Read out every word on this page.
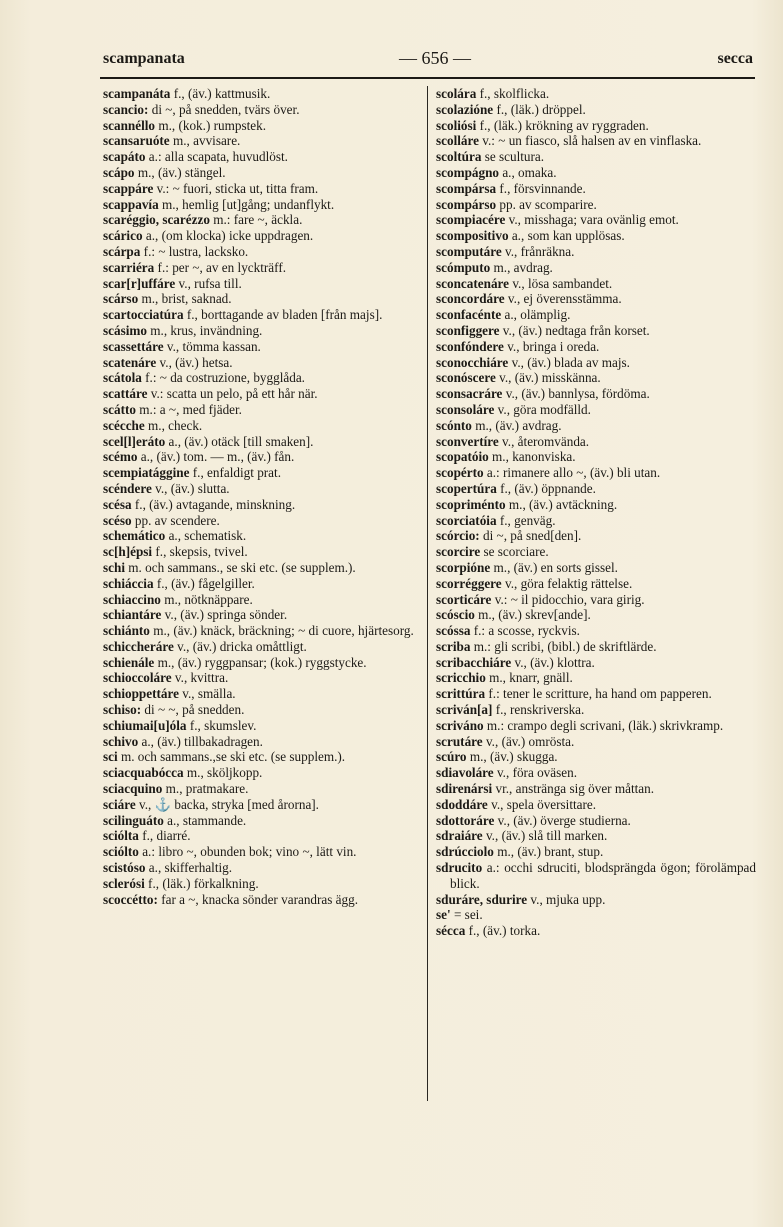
scampanata	— 656 —	secca

scampanáta f., (äv.) kattmusik.

scancio: di ~, på snedden, tvärs över.

scannéllo m., (kok.) rumpstek.

scansaruóte m., avvisare.

scapáto a.: alla scapata, huvudlöst.

scápo m., (äv.) stängel.

scappáre v.: ~ fuori, sticka ut, titta fram.

scappavía m., hemlig [ut]gång; undanflykt.

scaréggio, scarézzo m.: fare ~, äckla.

scárico a., (om klocka) icke uppdragen.

scárpa f.: ~ lustra, lacksko.

scarriéra f.: per ~, av en lyckträff.

scar[r]uffáre v., rufsa till.

scárso m., brist, saknad.

scartocciatúra f., borttagande av bladen [från majs].

scásimo m., krus, invändning.

scassettáre v., tömma kassan.

scatenáre v., (äv.) hetsa.

scátola f.: ~ da costruzione, bygglåda.

scattáre v.: scatta un pelo, på ett hår när.

scátto m.: a ~, med fjäder.

scécche m., check.

scel[l]eráto a., (äv.) otäck [till smaken].

scémo a., (äv.) tom. — m., (äv.) fån.

scempiatággine f., enfaldigt prat.

scéndere v., (äv.) slutta.

scésa f., (äv.) avtagande, minskning.

scéso pp. av scendere.

schemático a., schematisk.

sc[h]épsi f., skepsis, tvivel.

schi m. och sammans., se ski etc. (se supplem.).

schiáccia f., (äv.) fågelgiller.

schiaccino m., nötknäppare.

schiantáre v., (äv.) springa sönder.

schiánto m., (äv.) knäck, bräckning; ~ di cuore, hjärtesorg.

schiccheráre v., (äv.) dricka omåttligt.

schienále m., (äv.) ryggpansar; (kok.) ryggstycke.

schioccoláre v., kvittra.

schioppettáre v., smälla.

schiso: di ~ ~, på snedden.

schiumai[u]óla f., skumslev.

schivo a., (äv.) tillbakadragen.

sci m. och sammans.,se ski etc. (se supplem.).

sciacquabócca m., sköljkopp.

sciacquino m., pratmakare.

sciáre v., ⚓ backa, stryka [med årorna].

scilinguáto a., stammande.

sciólta f., diarré.

sciólto a.: libro ~, obunden bok; vino ~, lätt vin.

scistóso a., skifferhaltig.

sclerósi f., (läk.) förkalkning.

scoccétto: far a ~, knacka sönder varandras ägg.

scolára f., skolflicka.

scolazióne f., (läk.) dröppel.

scoliósi f., (läk.) krökning av ryggraden.

scolláre v.: ~ un fiasco, slå halsen av en vinflaska.

scoltúra se scultura.

scompágno a., omaka.

scompársa f., försvinnande.

scompárso pp. av scomparire.

scompiacére v., misshaga; vara ovänlig emot.

scompositivo a., som kan upplösas.

scomputáre v., frånräkna.

scómputo m., avdrag.

sconcatenáre v., lösa sambandet.

sconcordáre v., ej överensstämma.

sconfacénte a., olämplig.

sconfiggere v., (äv.) nedtaga från korset.

sconfóndere v., bringa i oreda.

sconocchiáre v., (äv.) blada av majs.

sconóscere v., (äv.) misskänna.

sconsacráre v., (äv.) bannlysa, fördöma.

sconsoláre v., göra modfälld.

scónto m., (äv.) avdrag.

sconvertíre v., återomvända.

scopatóio m., kanonviska.

scopérto a.: rimanere allo ~, (äv.) bli utan.

scopertúra f., (äv.) öppnande.

scopriménto m., (äv.) avtäckning.

scorciatóia f., genväg.

scórcio: di ~, på sned[den].

scorcire se scorciare.

scorpióne m., (äv.) en sorts gissel.

scorréggere v., göra felaktig rättelse.

scorticáre v.: ~ il pidocchio, vara girig.

scóscio m., (äv.) skrev[ande].

scóssa f.: a scosse, ryckvis.

scriba m.: gli scribi, (bibl.) de skriftlärde.

scribacchiáre v., (äv.) klottra.

scricchio m., knarr, gnäll.

scrittúra f.: tener le scritture, ha hand om papperen.

scriván[a] f., renskriverska.

scriváno m.: crampo degli scrivani, (läk.) skrivkramp.

scrutáre v., (äv.) omrösta.

scúro m., (äv.) skugga.

sdiavoláre v., föra oväsen.

sdirenársi vr., anstränga sig över måttan.

sdoddáre v., spela översittare.

sdottoráre v., (äv.) överge studierna.

sdraiáre v., (äv.) slå till marken.

sdrúcciolo m., (äv.) brant, stup.

sdrucito a.: occhi sdruciti, blodsprängda ögon; förolämpad blick.

sduráre, sdurire v., mjuka upp.

se' = sei.

sécca f., (äv.) torka.
